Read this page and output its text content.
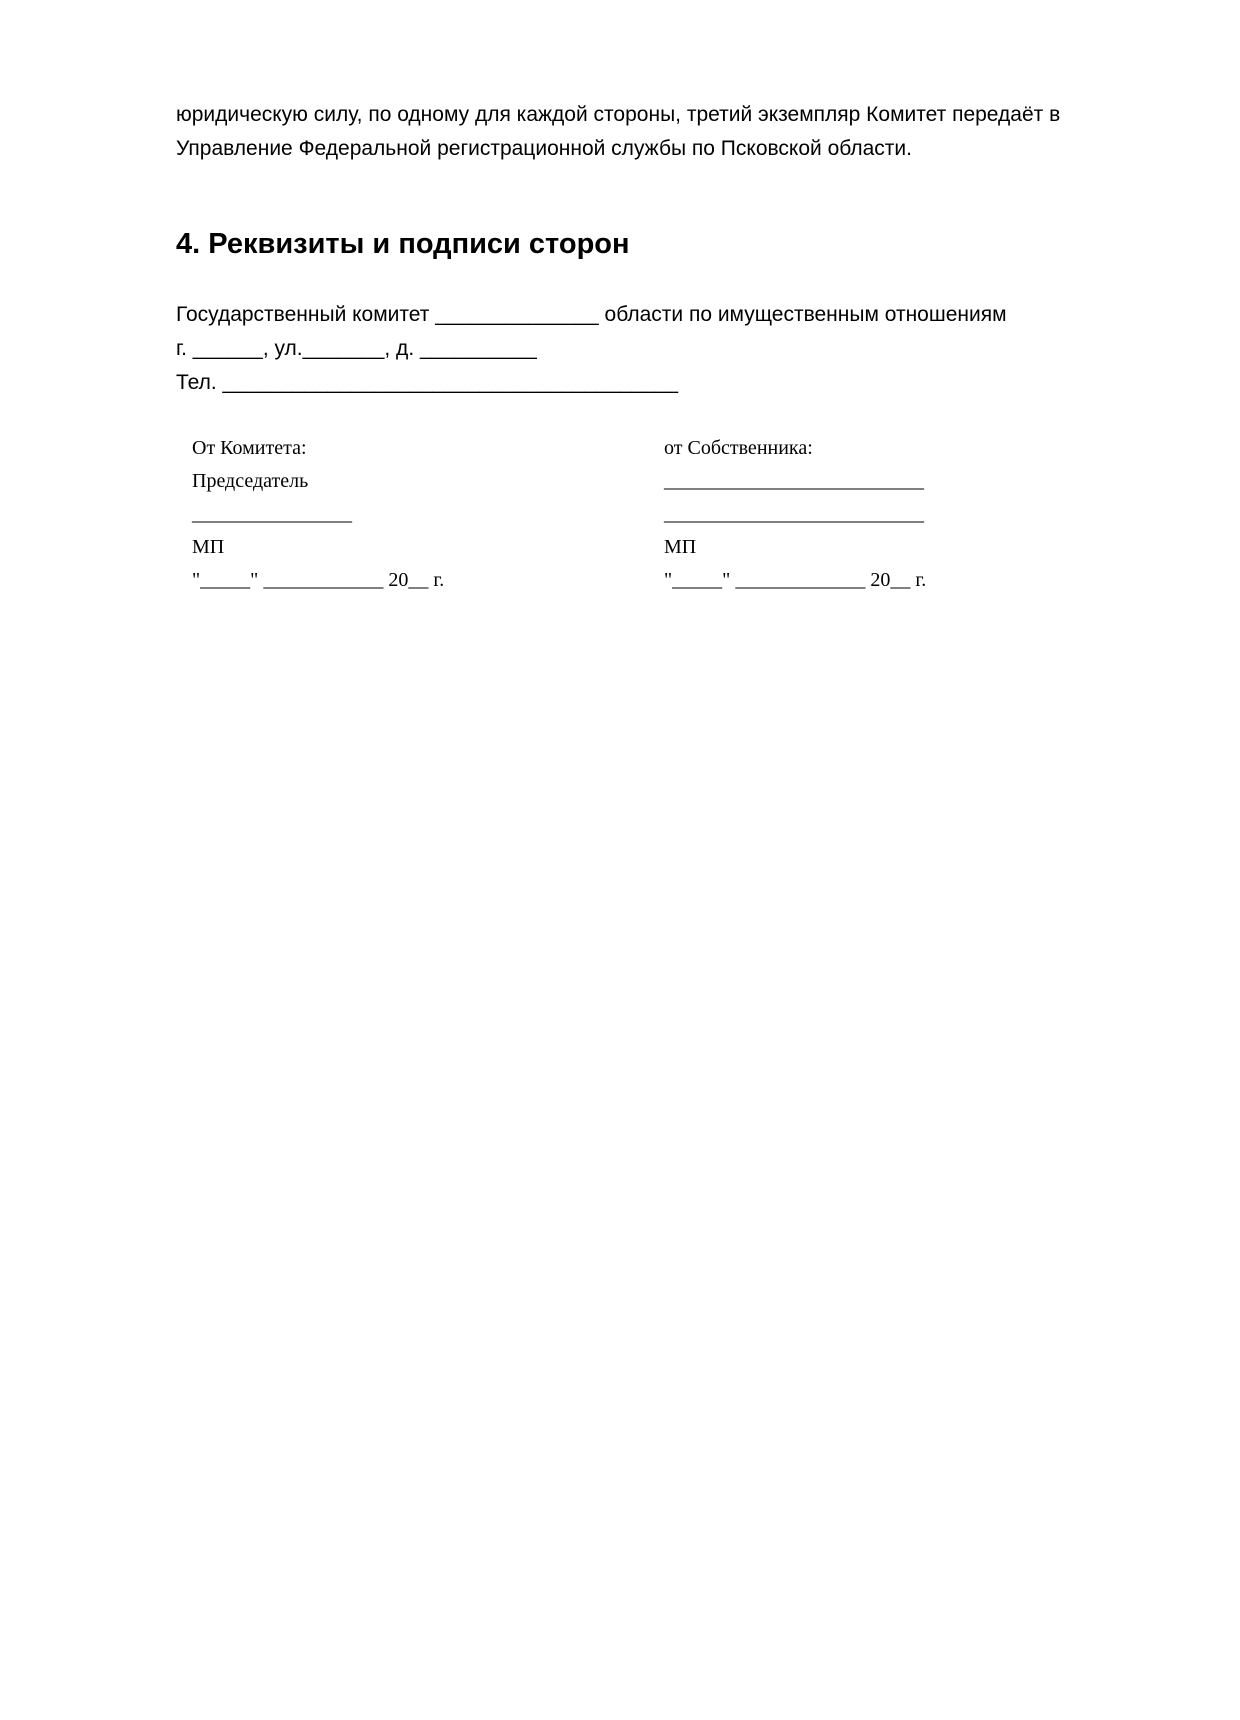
юридическую силу, по одному для каждой стороны, третий экземпляр Комитет передаёт в
Управление Федеральной регистрационной службы по Псковской области.

4. Реквизиты и подписи сторон
Государственный комитет ______________ области по имущественным отношениям
г. ______, ул._______, д. __________
Тел. _______________________________________
От Комитета:
Председатель
________________
МП
"_____" ____________ 20__ г.
от Собственника:
__________________________
__________________________
МП
"_____" _____________ 20__ г.
